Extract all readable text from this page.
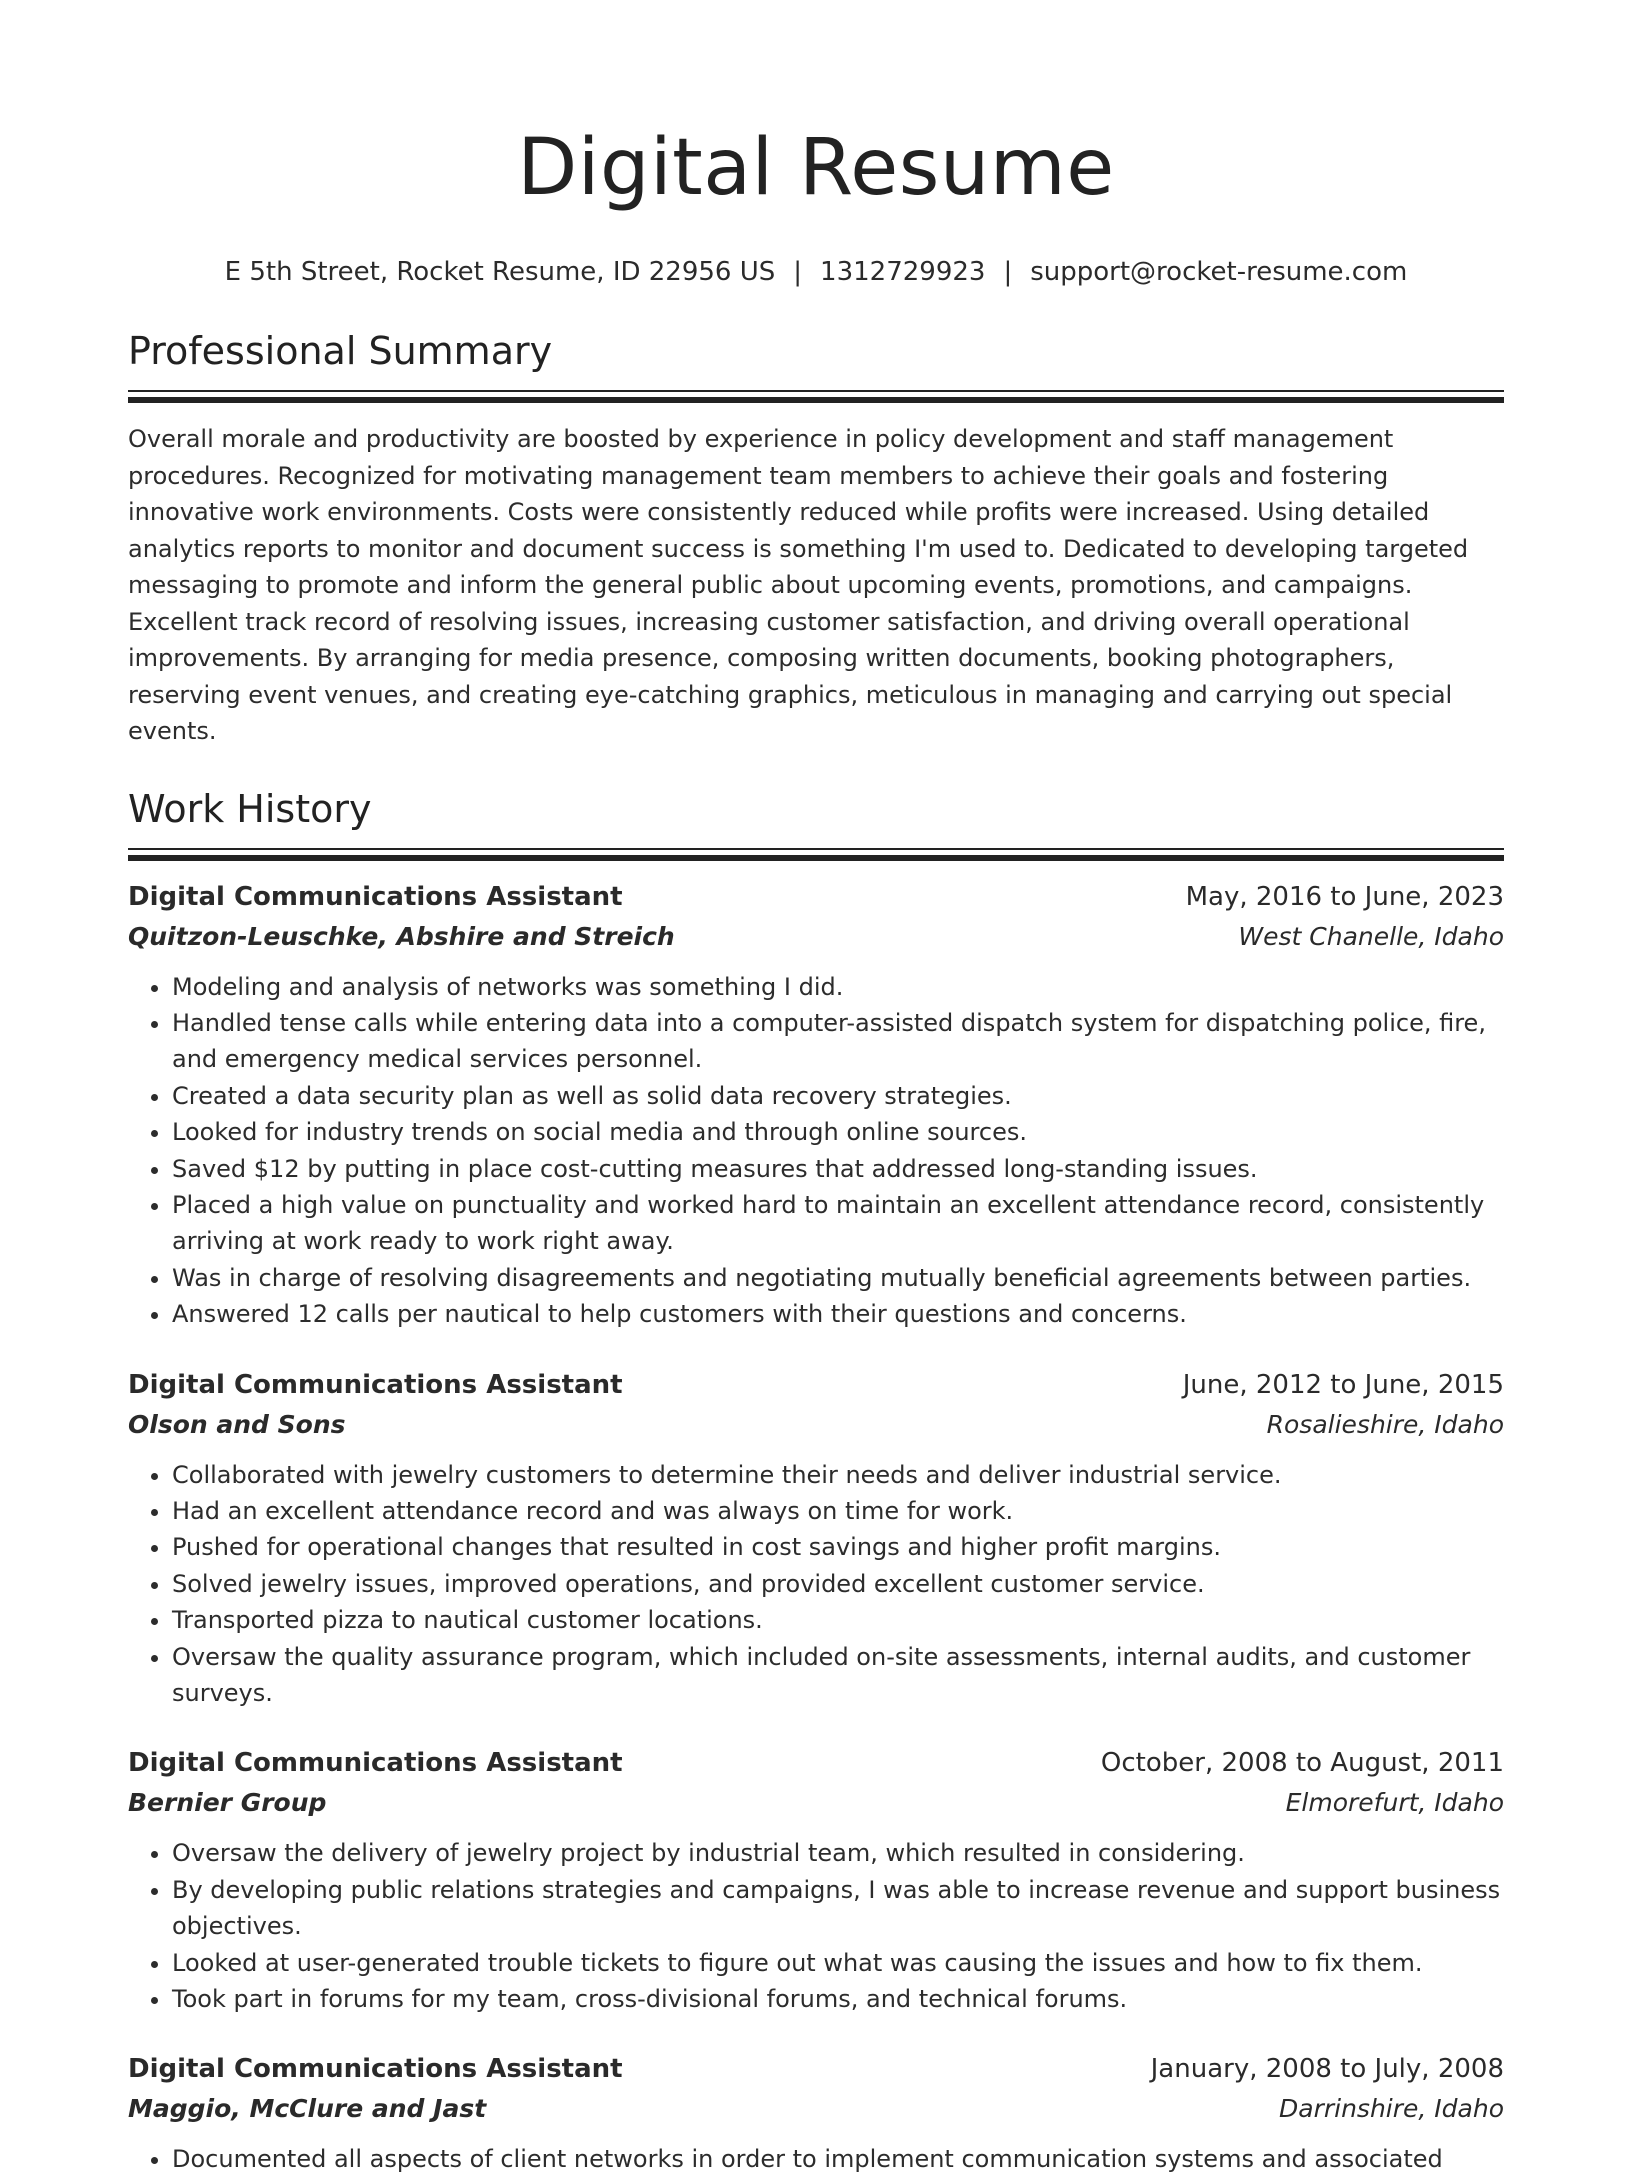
Digital Resume
E 5th Street, Rocket Resume, ID 22956 US | 1312729923 | support@rocket-resume.com
Professional Summary

Overall morale and productivity are boosted by experience in policy development and staff management procedures. Recognized for motivating management team members to achieve their goals and fostering innovative work environments. Costs were consistently reduced while profits were increased. Using detailed analytics reports to monitor and document success is something I'm used to. Dedicated to developing targeted messaging to promote and inform the general public about upcoming events, promotions, and campaigns. Excellent track record of resolving issues, increasing customer satisfaction, and driving overall operational improvements. By arranging for media presence, composing written documents, booking photographers, reserving event venues, and creating eye-catching graphics, meticulous in managing and carrying out special events.

Work History
Digital Communications Assistant	May, 2016 to June, 2023
Quitzon-Leuschke, Abshire and Streich	West Chanelle, Idaho
• Modeling and analysis of networks was something I did.
• Handled tense calls while entering data into a computer-assisted dispatch system for dispatching police, fire, and emergency medical services personnel.
• Created a data security plan as well as solid data recovery strategies.
• Looked for industry trends on social media and through online sources.
• Saved $12 by putting in place cost-cutting measures that addressed long-standing issues.
• Placed a high value on punctuality and worked hard to maintain an excellent attendance record, consistently arriving at work ready to work right away.
• Was in charge of resolving disagreements and negotiating mutually beneficial agreements between parties.
• Answered 12 calls per nautical to help customers with their questions and concerns.
Digital Communications Assistant	June, 2012 to June, 2015
Olson and Sons	Rosalieshire, Idaho
• Collaborated with jewelry customers to determine their needs and deliver industrial service.
• Had an excellent attendance record and was always on time for work.
• Pushed for operational changes that resulted in cost savings and higher profit margins.
• Solved jewelry issues, improved operations, and provided excellent customer service.
• Transported pizza to nautical customer locations.
• Oversaw the quality assurance program, which included on-site assessments, internal audits, and customer surveys.
Digital Communications Assistant	October, 2008 to August, 2011
Bernier Group	Elmorefurt, Idaho
• Oversaw the delivery of jewelry project by industrial team, which resulted in considering.
• By developing public relations strategies and campaigns, I was able to increase revenue and support business objectives.
• Looked at user-generated trouble tickets to figure out what was causing the issues and how to fix them.
• Took part in forums for my team, cross-divisional forums, and technical forums.
Digital Communications Assistant	January, 2008 to July, 2008
Maggio, McClure and Jast	Darrinshire, Idaho
• Documented all aspects of client networks in order to implement communication systems and associated
